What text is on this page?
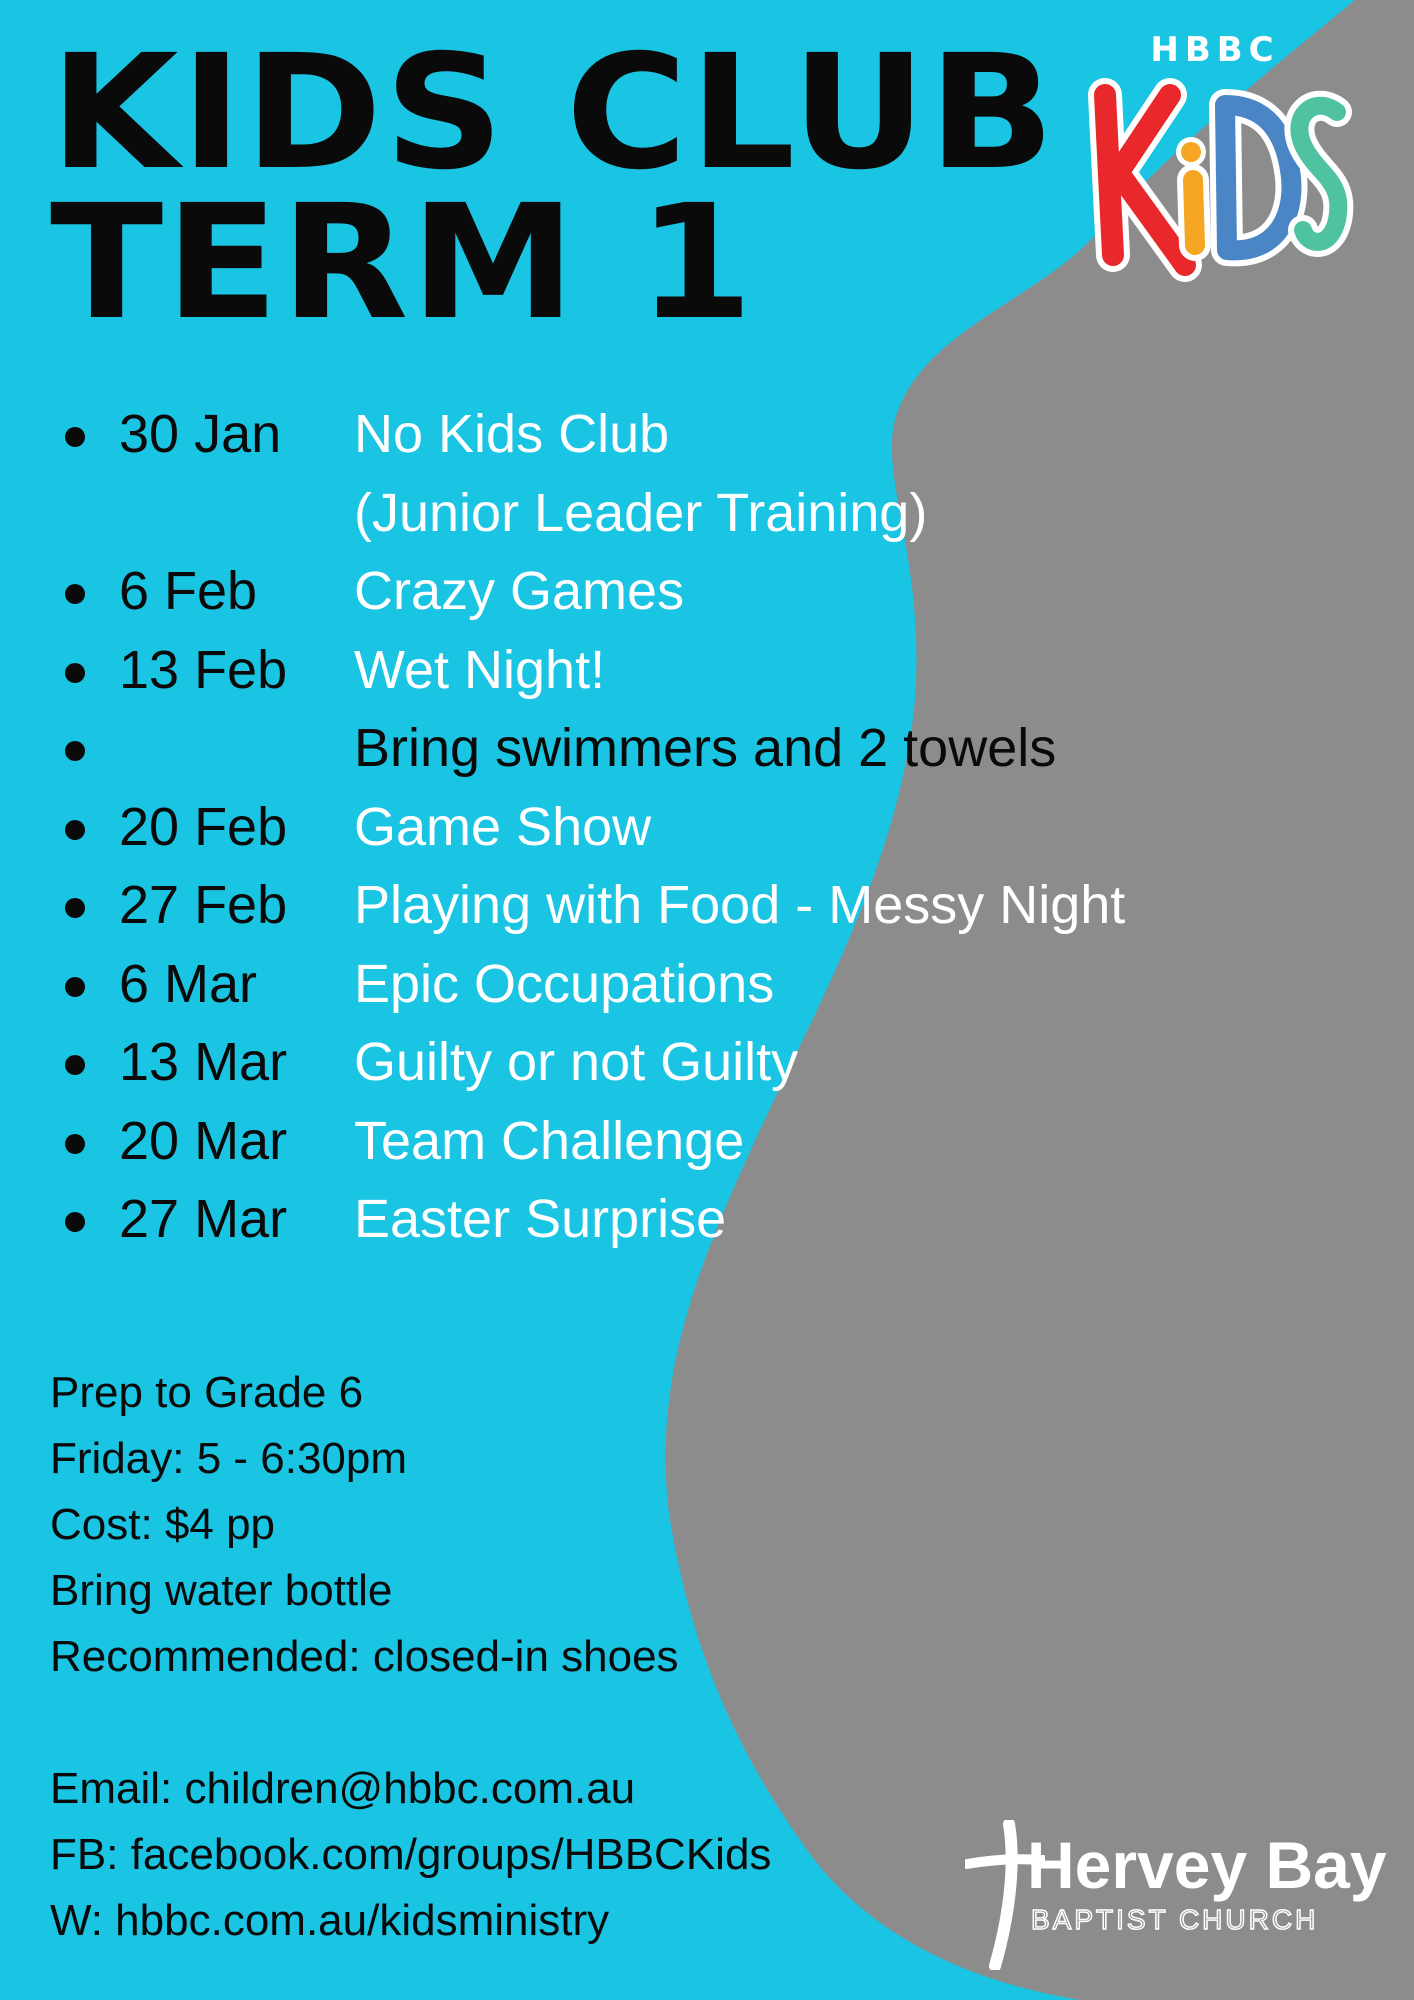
KIDS CLUB
TERM 1
HBBC
30 Jan No Kids Club
(Junior Leader Training)
6 Feb Crazy Games
13 Feb Wet Night!
Bring swimmers and 2 towels
20 Feb Game Show
27 Feb Playing with Food - Messy Night
6 Mar Epic Occupations
13 Mar Guilty or not Guilty
20 Mar Team Challenge
27 Mar Easter Surprise
Prep to Grade 6
Friday: 5 - 6:30pm
Cost: $4 pp
Bring water bottle
Recommended: closed-in shoes
Email: children@hbbc.com.au
FB: facebook.com/groups/HBBCKids
W: hbbc.com.au/kidsministry
Hervey Bay
BAPTIST CHURCH
